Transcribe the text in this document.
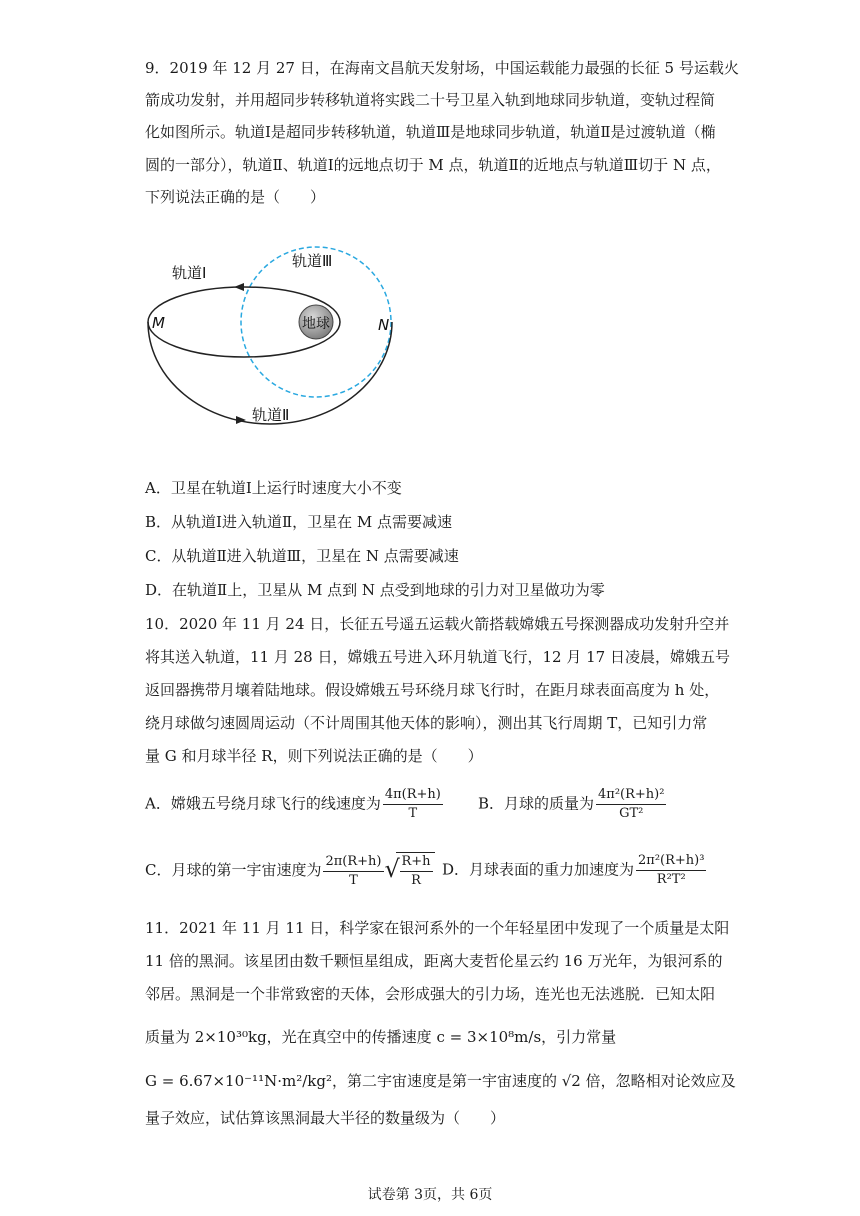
9．2019 年 12 月 27 日，在海南文昌航天发射场，中国运载能力最强的长征 5 号运载火
箭成功发射，并用超同步转移轨道将实践二十号卫星入轨到地球同步轨道，变轨过程简
化如图所示。轨道Ⅰ是超同步转移轨道，轨道Ⅲ是地球同步轨道，轨道Ⅱ是过渡轨道（椭
圆的一部分），轨道Ⅱ、轨道Ⅰ的远地点切于 M 点，轨道Ⅱ的近地点与轨道Ⅲ切于 N 点，
下列说法正确的是（　　）
地球
轨道Ⅰ
轨道Ⅲ
轨道Ⅱ
M	N
A．卫星在轨道Ⅰ上运行时速度大小不变
B．从轨道Ⅰ进入轨道Ⅱ，卫星在 M 点需要减速
C．从轨道Ⅱ进入轨道Ⅲ，卫星在 N 点需要减速
D．在轨道Ⅱ上，卫星从 M 点到 N 点受到地球的引力对卫星做功为零
10．2020 年 11 月 24 日，长征五号遥五运载火箭搭载嫦娥五号探测器成功发射升空并
将其送入轨道，11 月 28 日，嫦娥五号进入环月轨道飞行，12 月 17 日凌晨，嫦娥五号
返回器携带月壤着陆地球。假设嫦娥五号环绕月球飞行时，在距月球表面高度为 h 处，
绕月球做匀速圆周运动（不计周围其他天体的影响），测出其飞行周期 T，已知引力常
量 G 和月球半径 R，则下列说法正确的是（　　）
A．嫦娥五号绕月球飞行的线速度为 $\frac{4\pi(R+h)}{T}$ B．月球的质量为 $\frac{\text{4π²(R+h)²}}{\text{GT²}}$
C．月球的第一宇宙速度为 $\frac{2\pi(R+h)}{T}$
√ $\frac{R+h}{R}$ D．月球表面的重力加速度为 $\frac{\text{2π²(R+h)³}}{\text{R²T²}}$
11．2021 年 11 月 11 日，科学家在银河系外的一个年轻星团中发现了一个质量是太阳
11 倍的黑洞。该星团由数千颗恒星组成，距离大麦哲伦星云约 16 万光年，为银河系的
邻居。黑洞是一个非常致密的天体，会形成强大的引力场，连光也无法逃脱．已知太阳
质量为 2×10³⁰kg，光在真空中的传播速度 c = 3×10⁸m/s，引力常量
G = 6.67×10⁻¹¹N·m²/kg²，第二宇宙速度是第一宇宙速度的 √2 倍，忽略相对论效应及
量子效应，试估算该黑洞最大半径的数量级为（　　）
试卷第 3页，共 6页
